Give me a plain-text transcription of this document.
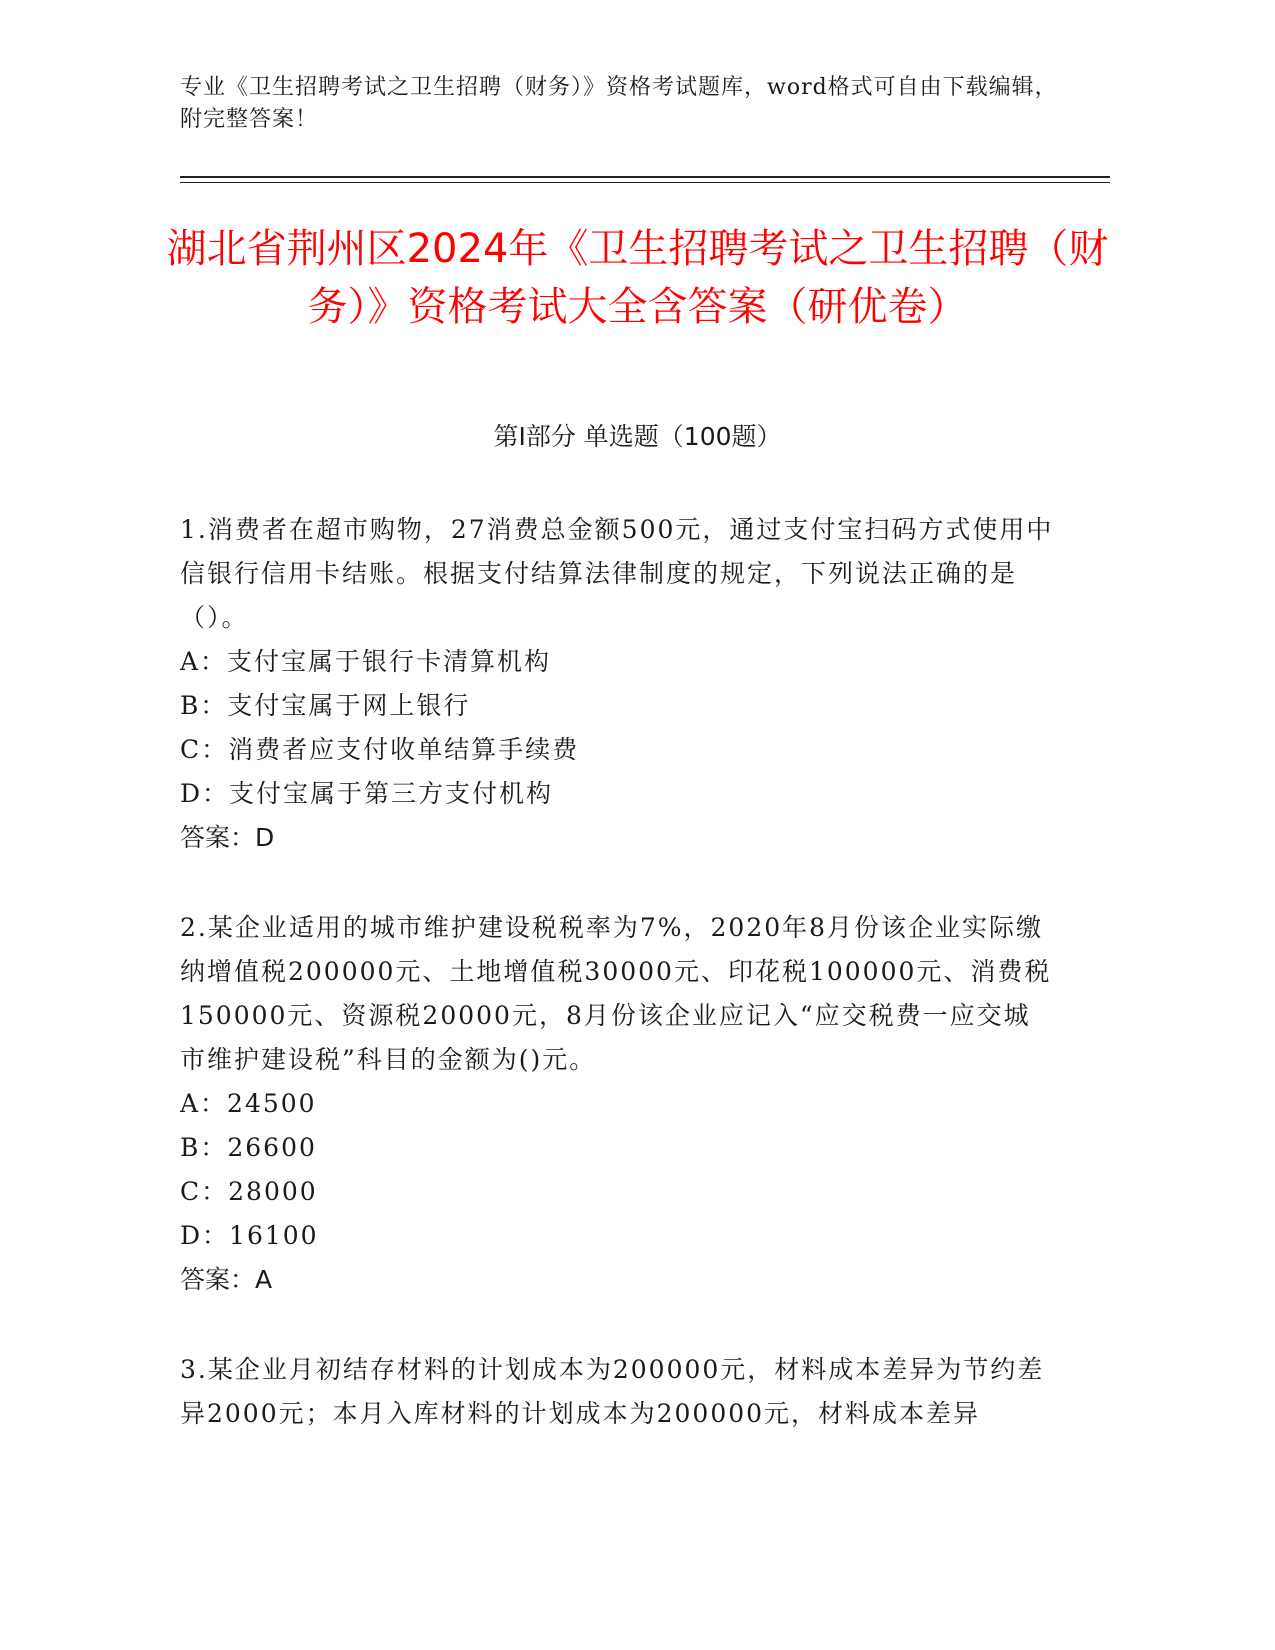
专业《卫生招聘考试之卫生招聘（财务）》资格考试题库，word格式可自由下载编辑，附完整答案！
湖北省荆州区2024年《卫生招聘考试之卫生招聘（财务）》资格考试大全含答案（研优卷）
第Ⅰ部分 单选题（100题）
1.消费者在超市购物，27消费总金额500元，通过支付宝扫码方式使用中信银行信用卡结账。根据支付结算法律制度的规定，下列说法正确的是（）。
A：支付宝属于银行卡清算机构
B：支付宝属于网上银行
C：消费者应支付收单结算手续费
D：支付宝属于第三方支付机构
答案：D
2.某企业适用的城市维护建设税税率为7%，2020年8月份该企业实际缴纳增值税200000元、土地增值税30000元、印花税100000元、消费税150000元、资源税20000元，8月份该企业应记入“应交税费一应交城市维护建设税”科目的金额为()元。
A：24500
B：26600
C：28000
D：16100
答案：A
3.某企业月初结存材料的计划成本为200000元，材料成本差异为节约差异2000元；本月入库材料的计划成本为200000元，材料成本差异
